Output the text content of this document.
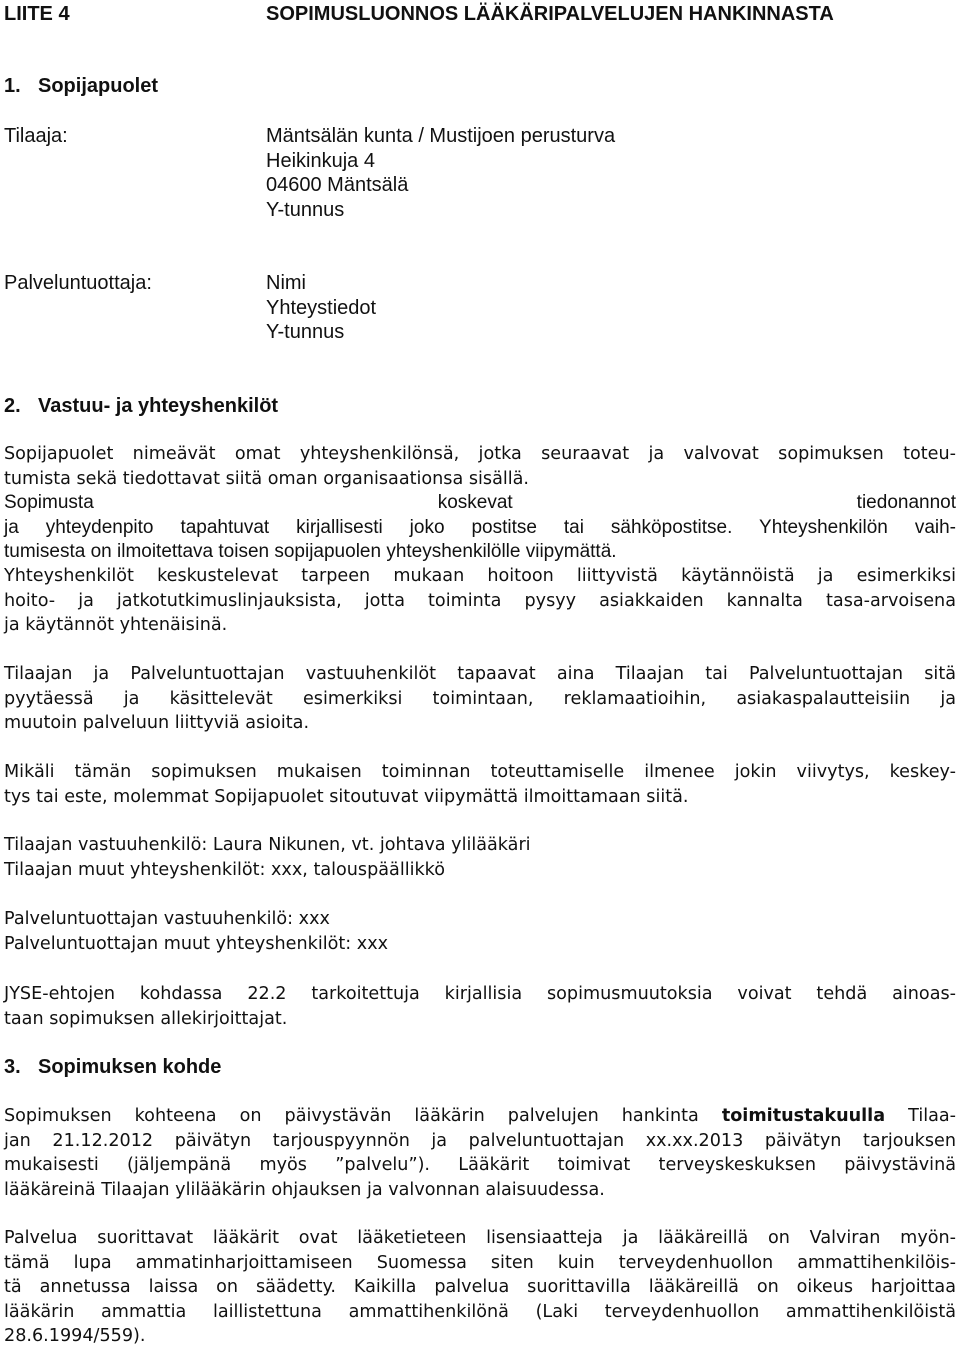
LIITE 4	SOPIMUSLUONNOS LÄÄKÄRIPALVELUJEN HANKINNASTA
1. Sopijapuolet
Tilaaja:	Mäntsälän kunta / Mustijoen perusturva
Heikinkuja 4
04600 Mäntsälä
Y-tunnus
Palveluntuottaja:	Nimi
Yhteystiedot
Y-tunnus
2. Vastuu- ja yhteyshenkilöt
Sopijapuolet nimeävät omat yhteyshenkilönsä, jotka seuraavat ja valvovat sopimuksen toteu-
tumista sekä tiedottavat siitä oman organisaationsa sisällä.
Sopimusta koskevat tiedonannot
ja yhteydenpito tapahtuvat kirjallisesti joko postitse tai sähköpostitse. Yhteyshenkilön vaih-
tumisesta on ilmoitettava toisen sopijapuolen yhteyshenkilölle viipymättä.
Yhteyshenkilöt keskustelevat tarpeen mukaan hoitoon liittyvistä käytännöistä ja esimerkiksi
hoito- ja jatkotutkimuslinjauksista, jotta toiminta pysyy asiakkaiden kannalta tasa-arvoisena
ja käytännöt yhtenäisinä.
Tilaajan ja Palveluntuottajan vastuuhenkilöt tapaavat aina Tilaajan tai Palveluntuottajan sitä
pyytäessä ja käsittelevät esimerkiksi toimintaan, reklamaatioihin, asiakaspalautteisiin ja
muutoin palveluun liittyviä asioita.
Mikäli tämän sopimuksen mukaisen toiminnan toteuttamiselle ilmenee jokin viivytys, keskey-
tys tai este, molemmat Sopijapuolet sitoutuvat viipymättä ilmoittamaan siitä.
Tilaajan vastuuhenkilö: Laura Nikunen, vt. johtava ylilääkäri
Tilaajan muut yhteyshenkilöt: xxx, talouspäällikkö
Palveluntuottajan vastuuhenkilö: xxx
Palveluntuottajan muut yhteyshenkilöt: xxx
JYSE-ehtojen kohdassa 22.2 tarkoitettuja kirjallisia sopimusmuutoksia voivat tehdä ainoas-
taan sopimuksen allekirjoittajat.
3. Sopimuksen kohde
Sopimuksen kohteena on päivystävän lääkärin palvelujen hankinta toimitustakuulla Tilaa-
jan 21.12.2012 päivätyn tarjouspyynnön ja palveluntuottajan xx.xx.2013 päivätyn tarjouksen
mukaisesti (jäljempänä myös ”palvelu”). Lääkärit toimivat terveyskeskuksen päivystävinä
lääkäreinä Tilaajan ylilääkärin ohjauksen ja valvonnan alaisuudessa.
Palvelua suorittavat lääkärit ovat lääketieteen lisensiaatteja ja lääkäreillä on Valviran myön-
tämä lupa ammatinharjoittamiseen Suomessa siten kuin terveydenhuollon ammattihenkilöis-
tä annetussa laissa on säädetty. Kaikilla palvelua suorittavilla lääkäreillä on oikeus harjoittaa
lääkärin ammattia laillistettuna ammattihenkilönä (Laki terveydenhuollon ammattihenkilöistä
28.6.1994/559).
